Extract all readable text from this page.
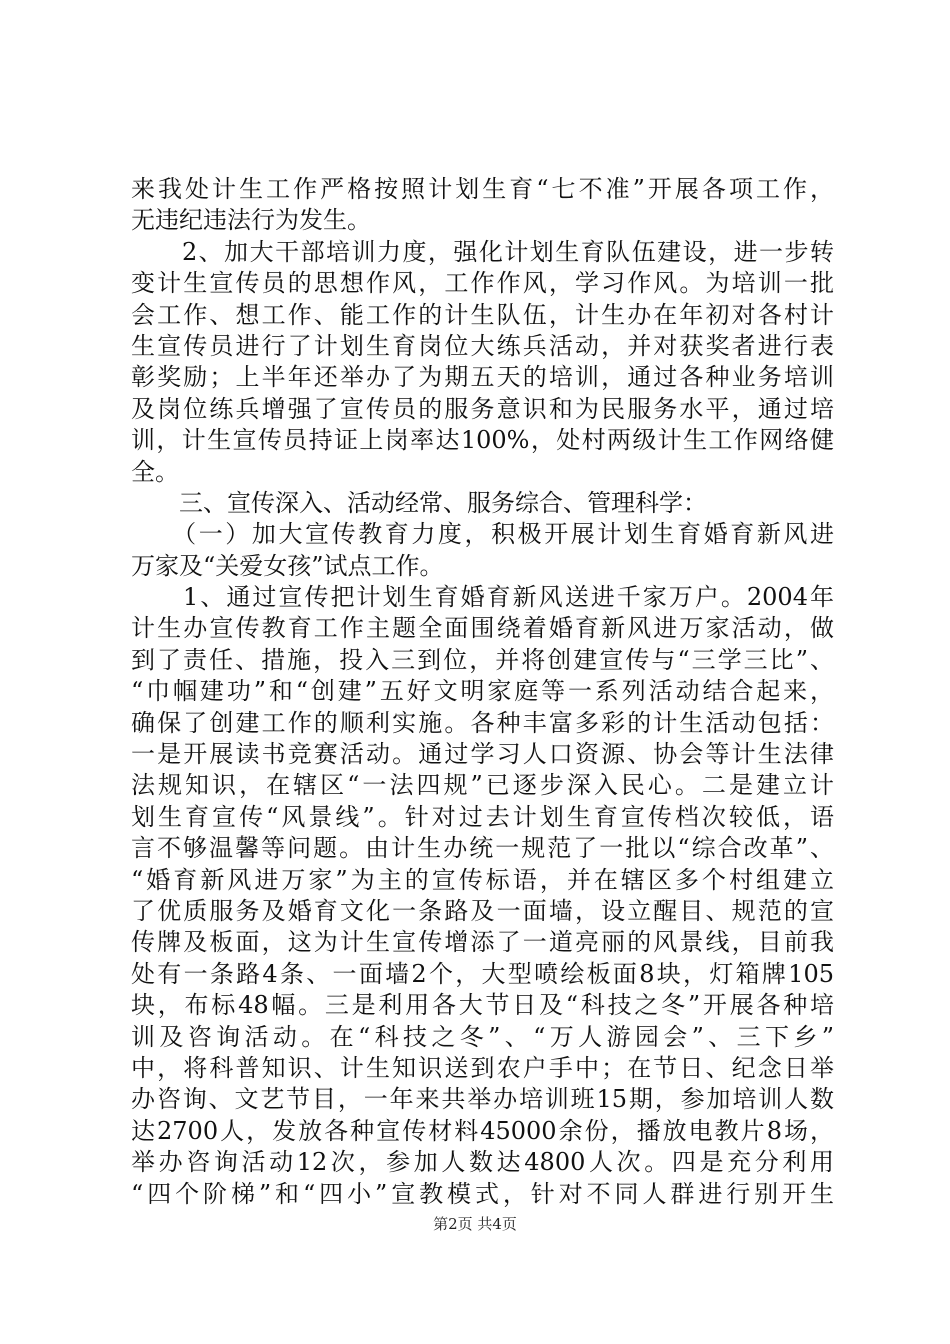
来我处计生工作严格按照计划生育“七不准”开展各项工作，
无违纪违法行为发生。
　　2、加大干部培训力度，强化计划生育队伍建设，进一步转
变计生宣传员的思想作风，工作作风，学习作风。为培训一批
会工作、想工作、能工作的计生队伍，计生办在年初对各村计
生宣传员进行了计划生育岗位大练兵活动，并对获奖者进行表
彰奖励；上半年还举办了为期五天的培训，通过各种业务培训
及岗位练兵增强了宣传员的服务意识和为民服务水平，通过培
训，计生宣传员持证上岗率达100%，处村两级计生工作网络健
全。
　　三、宣传深入、活动经常、服务综合、管理科学：
　　（一）加大宣传教育力度，积极开展计划生育婚育新风进
万家及“关爱女孩”试点工作。
　　1、通过宣传把计划生育婚育新风送进千家万户。2004年
计生办宣传教育工作主题全面围绕着婚育新风进万家活动，做
到了责任、措施，投入三到位，并将创建宣传与“三学三比”、
“巾帼建功”和“创建”五好文明家庭等一系列活动结合起来，
确保了创建工作的顺利实施。各种丰富多彩的计生活动包括：
一是开展读书竞赛活动。通过学习人口资源、协会等计生法律
法规知识，在辖区“一法四规”已逐步深入民心。二是建立计
划生育宣传“风景线”。针对过去计划生育宣传档次较低，语
言不够温馨等问题。由计生办统一规范了一批以“综合改革”、
“婚育新风进万家”为主的宣传标语，并在辖区多个村组建立
了优质服务及婚育文化一条路及一面墙，设立醒目、规范的宣
传牌及板面，这为计生宣传增添了一道亮丽的风景线，目前我
处有一条路4条、一面墙2个，大型喷绘板面8块，灯箱牌105
块，布标48幅。三是利用各大节日及“科技之冬”开展各种培
训及咨询活动。在“科技之冬”、“万人游园会”、三下乡”
中，将科普知识、计生知识送到农户手中；在节日、纪念日举
办咨询、文艺节目，一年来共举办培训班15期，参加培训人数
达2700人，发放各种宣传材料45000余份，播放电教片8场，
举办咨询活动12次，参加人数达4800人次。四是充分利用
“四个阶梯”和“四小”宣教模式，针对不同人群进行别开生
第2页 共4页
